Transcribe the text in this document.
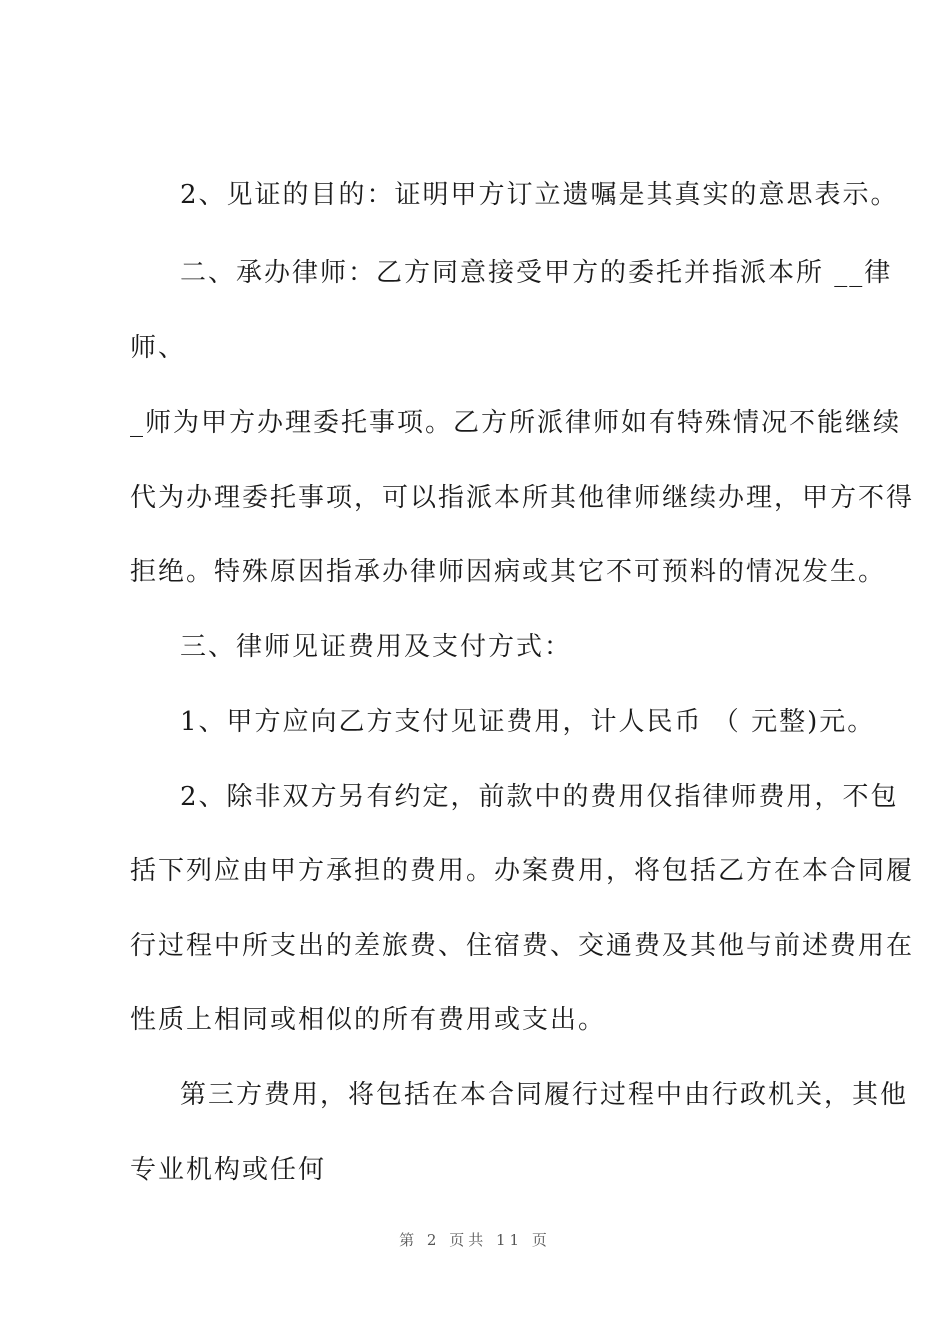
2、见证的目的：证明甲方订立遗嘱是其真实的意思表示。
二、承办律师：乙方同意接受甲方的委托并指派本所 __律
师、
_师为甲方办理委托事项。乙方所派律师如有特殊情况不能继续
代为办理委托事项，可以指派本所其他律师继续办理，甲方不得
拒绝。特殊原因指承办律师因病或其它不可预料的情况发生。
三、律师见证费用及支付方式：
1、甲方应向乙方支付见证费用，计人民币 （ 元整)元。
2、除非双方另有约定，前款中的费用仅指律师费用，不包
括下列应由甲方承担的费用。办案费用，将包括乙方在本合同履
行过程中所支出的差旅费、住宿费、交通费及其他与前述费用在
性质上相同或相似的所有费用或支出。
第三方费用，将包括在本合同履行过程中由行政机关，其他
专业机构或任何
第 2 页共 11 页
